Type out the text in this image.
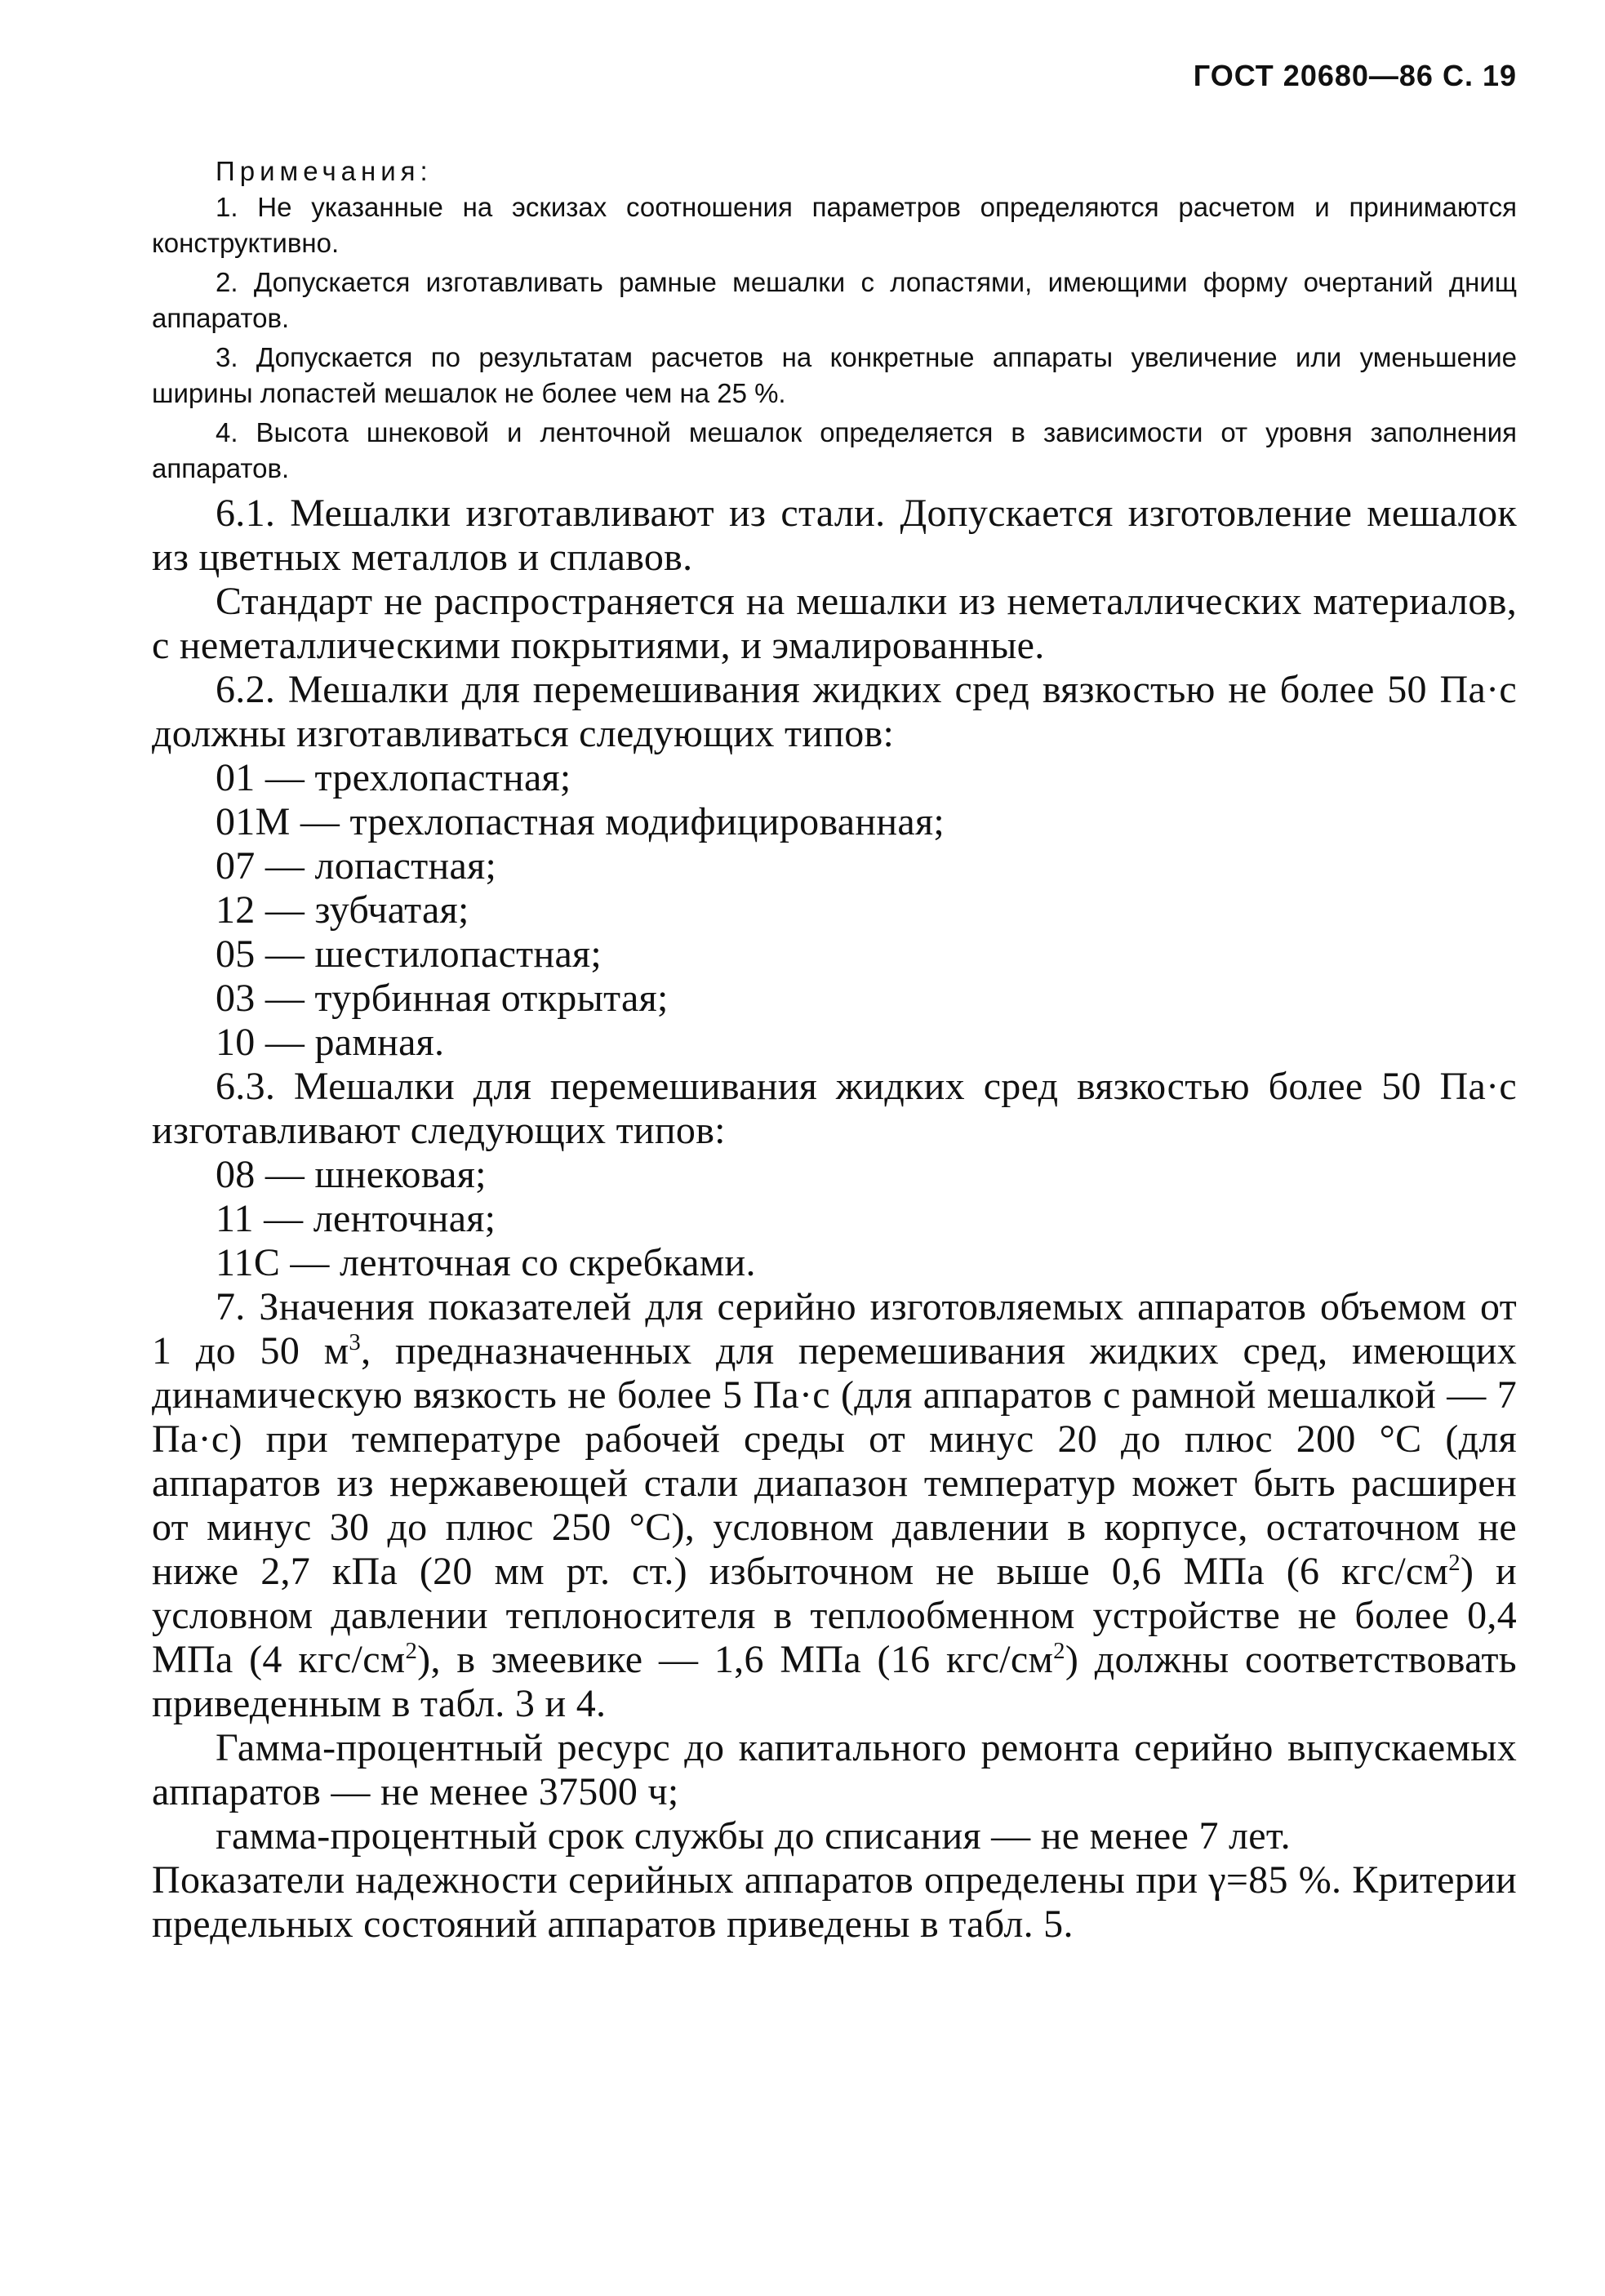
ГОСТ 20680—86 С. 19
Примечания:

1. Не указанные на эскизах соотношения параметров определяются расчетом и принимаются конструктивно.

2. Допускается изготавливать рамные мешалки с лопастями, имеющими форму очертаний днищ аппаратов.

3. Допускается по результатам расчетов на конкретные аппараты увеличение или уменьшение ширины лопастей мешалок не более чем на 25 %.

4. Высота шнековой и ленточной мешалок определяется в зависимости от уровня заполнения аппаратов.

6.1. Мешалки изготавливают из стали. Допускается изготовление мешалок из цветных металлов и сплавов.

Стандарт не распространяется на мешалки из неметаллических материалов, с неметаллическими покрытиями, и эмалированные.

6.2. Мешалки для перемешивания жидких сред вязкостью не более 50 Па·с должны изготавливаться следующих типов:

01 — трехлопастная;

01М — трехлопастная модифицированная;

07 — лопастная;

12 — зубчатая;

05 — шестилопастная;

03 — турбинная открытая;

10 — рамная.

6.3. Мешалки для перемешивания жидких сред вязкостью более 50 Па·с изготавливают следующих типов:

08 — шнековая;

11 — ленточная;

11С — ленточная со скребками.

7. Значения показателей для серийно изготовляемых аппаратов объемом от 1 до 50 $м^3$, предназначенных для перемешивания жидких сред, имеющих динамическую вязкость не более 5 Па·с (для аппаратов с рамной мешалкой — 7 Па·с) при температуре рабочей среды от минус 20 до плюс 200 °С (для аппаратов из нержавеющей стали диапазон температур может быть расширен от минус 30 до плюс 250 °С), условном давлении в корпусе, остаточном не ниже 2,7 кПа (20 мм рт. ст.) избыточном не выше 0,6 МПа (6 кгс/$см^2$) и условном давлении теплоносителя в теплообменном устройстве не более 0,4 МПа (4 кгс/$см^2$), в змеевике — 1,6 МПа (16 кгс/$см^2$) должны соответствовать приведенным в табл. 3 и 4.

Гамма-процентный ресурс до капитального ремонта серийно выпускаемых аппаратов — не менее 37500 ч;

гамма-процентный срок службы до списания — не менее 7 лет.

Показатели надежности серийных аппаратов определены при γ=85 %. Критерии предельных состояний аппаратов приведены в табл. 5.
